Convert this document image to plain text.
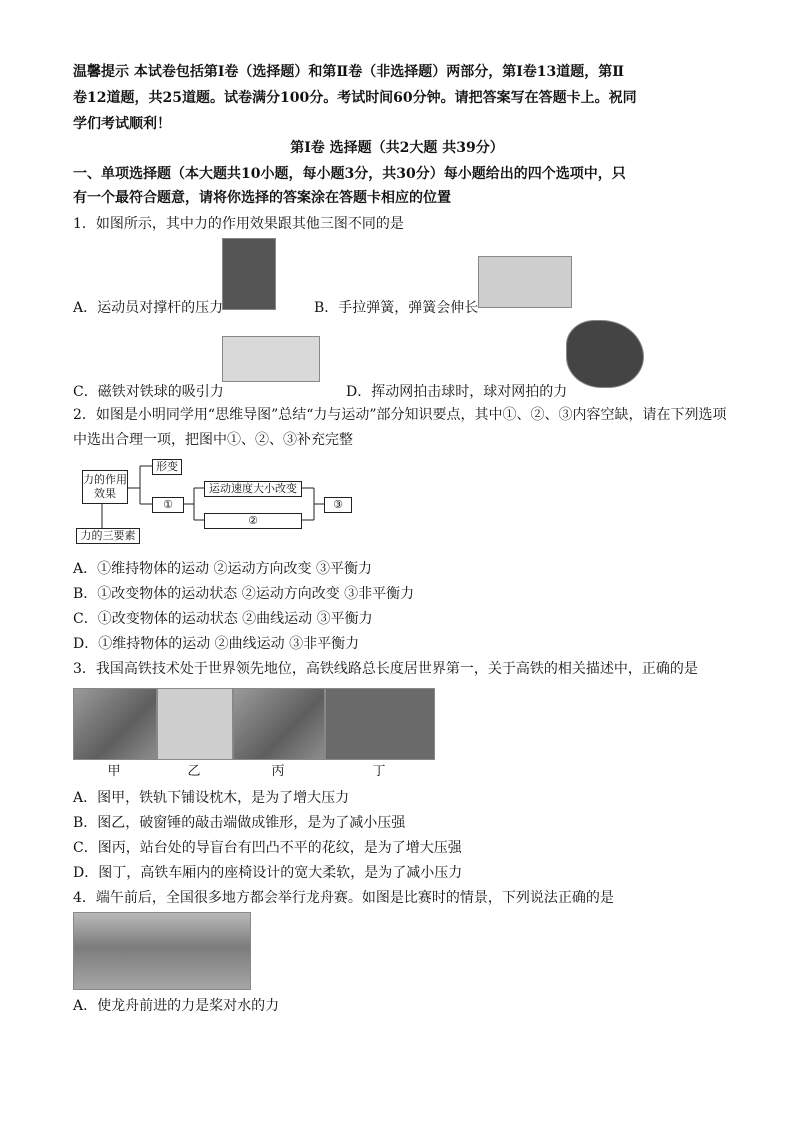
温馨提示 本试卷包括第Ⅰ卷（选择题）和第Ⅱ卷（非选择题）两部分，第Ⅰ卷13道题，第Ⅱ
卷12道题，共25道题。试卷满分100分。考试时间60分钟。请把答案写在答题卡上。祝同
学们考试顺利！
第Ⅰ卷 选择题（共2大题 共39分）
一、单项选择题（本大题共10小题，每小题3分，共30分）每小题给出的四个选项中，只
有一个最符合题意，请将你选择的答案涂在答题卡相应的位置
1．如图所示，其中力的作用效果跟其他三图不同的是
A．运动员对撑杆的压力	B．手拉弹簧，弹簧会伸长
C．磁铁对铁球的吸引力	D．挥动网拍击球时，球对网拍的力
2．如图是小明同学用“思维导图”总结“力与运动”部分知识要点，其中①、②、③内容空缺，请在下列选项
中选出合理一项，把图中①、②、③补充完整
力的作用效果
形变
①
运动速度大小改变
②
③
力的三要素
A．①维持物体的运动 ②运动方向改变 ③平衡力
B．①改变物体的运动状态 ②运动方向改变 ③非平衡力
C．①改变物体的运动状态 ②曲线运动 ③平衡力
D．①维持物体的运动 ②曲线运动 ③非平衡力
3．我国高铁技术处于世界领先地位，高铁线路总长度居世界第一，关于高铁的相关描述中，正确的是
甲	乙	丙	丁
A．图甲，铁轨下铺设枕木，是为了增大压力
B．图乙，破窗锤的敲击端做成锥形，是为了减小压强
C．图丙，站台处的导盲台有凹凸不平的花纹，是为了增大压强
D．图丁，高铁车厢内的座椅设计的宽大柔软，是为了减小压力
4．端午前后，全国很多地方都会举行龙舟赛。如图是比赛时的情景，下列说法正确的是
A．使龙舟前进的力是桨对水的力
